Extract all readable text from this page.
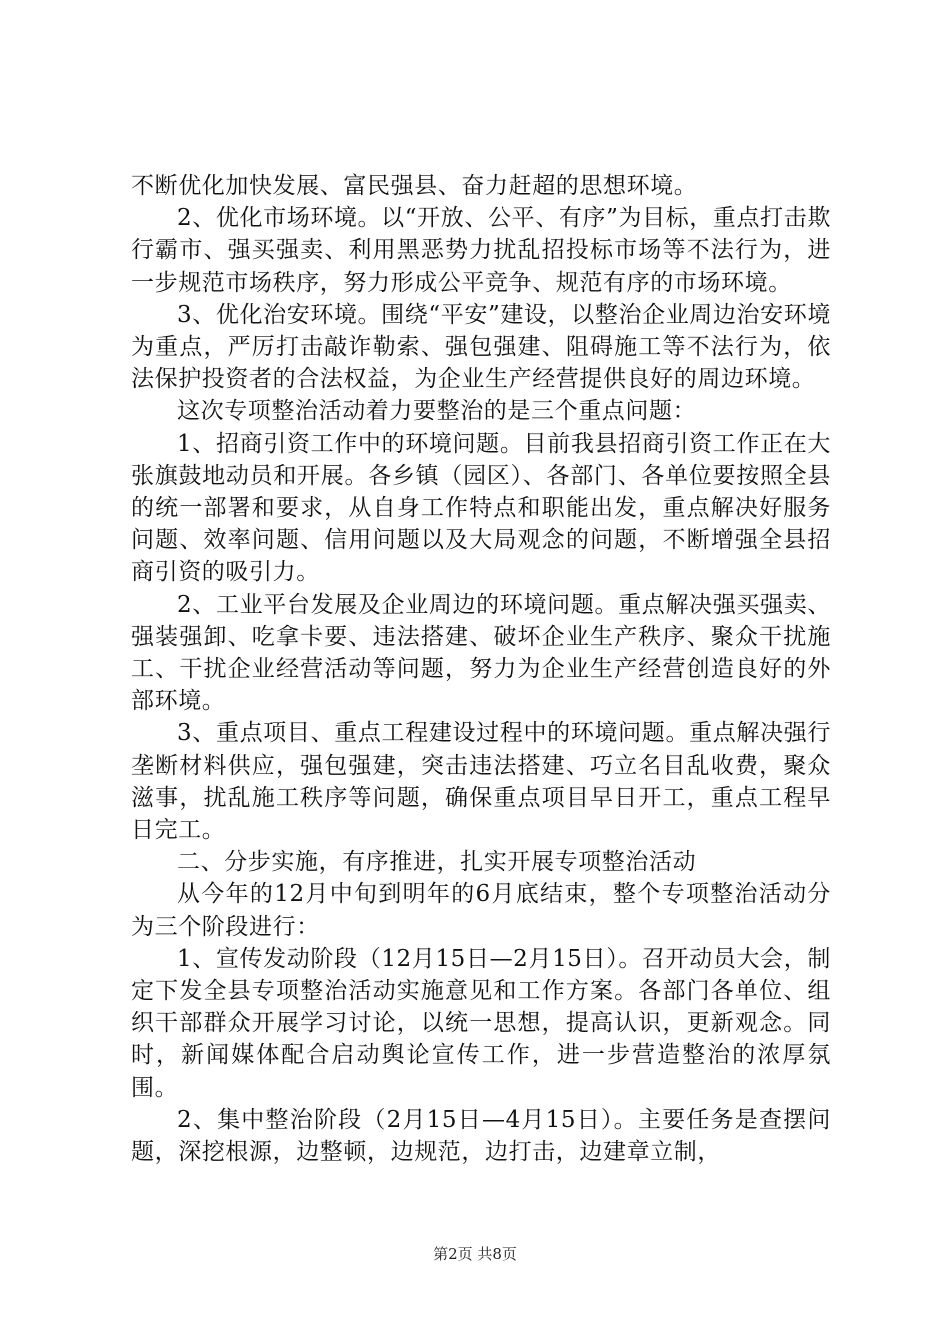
不断优化加快发展、富民强县、奋力赶超的思想环境。

2、优化市场环境。以“开放、公平、有序”为目标，重点打击欺行霸市、强买强卖、利用黑恶势力扰乱招投标市场等不法行为，进一步规范市场秩序，努力形成公平竞争、规范有序的市场环境。

3、优化治安环境。围绕“平安”建设，以整治企业周边治安环境为重点，严厉打击敲诈勒索、强包强建、阻碍施工等不法行为，依法保护投资者的合法权益，为企业生产经营提供良好的周边环境。

这次专项整治活动着力要整治的是三个重点问题：

1、招商引资工作中的环境问题。目前我县招商引资工作正在大张旗鼓地动员和开展。各乡镇（园区）、各部门、各单位要按照全县的统一部署和要求，从自身工作特点和职能出发，重点解决好服务问题、效率问题、信用问题以及大局观念的问题，不断增强全县招商引资的吸引力。

2、工业平台发展及企业周边的环境问题。重点解决强买强卖、强装强卸、吃拿卡要、违法搭建、破坏企业生产秩序、聚众干扰施工、干扰企业经营活动等问题，努力为企业生产经营创造良好的外部环境。

3、重点项目、重点工程建设过程中的环境问题。重点解决强行垄断材料供应，强包强建，突击违法搭建、巧立名目乱收费，聚众滋事，扰乱施工秩序等问题，确保重点项目早日开工，重点工程早日完工。

二、分步实施，有序推进，扎实开展专项整治活动

从今年的12月中旬到明年的6月底结束，整个专项整治活动分为三个阶段进行：

1、宣传发动阶段（12月15日—2月15日）。召开动员大会，制定下发全县专项整治活动实施意见和工作方案。各部门各单位、组织干部群众开展学习讨论，以统一思想，提高认识，更新观念。同时，新闻媒体配合启动舆论宣传工作，进一步营造整治的浓厚氛围。

2、集中整治阶段（2月15日—4月15日）。主要任务是查摆问题，深挖根源，边整顿，边规范，边打击，边建章立制，

第2页 共8页
